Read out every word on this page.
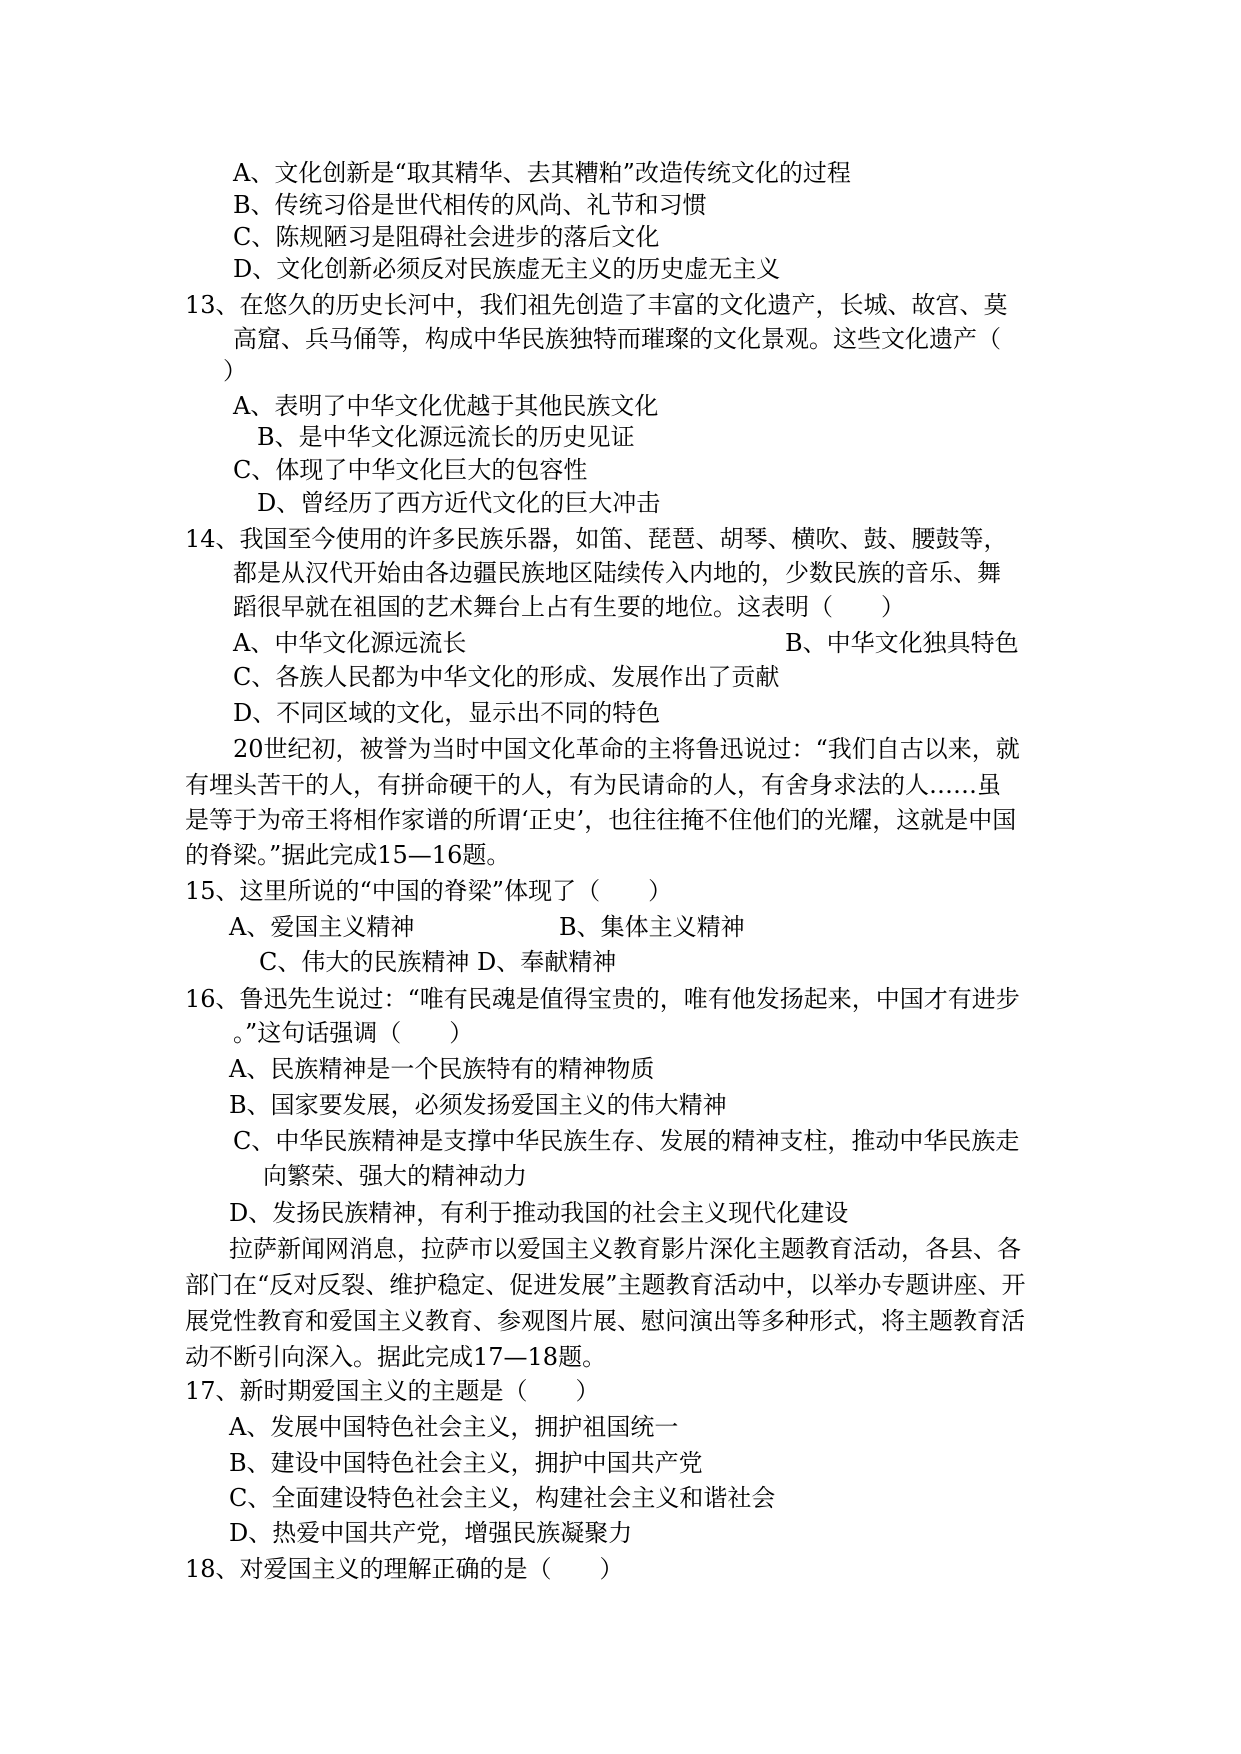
A、文化创新是“取其精华、去其糟粕”改造传统文化的过程
B、传统习俗是世代相传的风尚、礼节和习惯
C、陈规陋习是阻碍社会进步的落后文化
D、文化创新必须反对民族虚无主义的历史虚无主义
13、在悠久的历史长河中，我们祖先创造了丰富的文化遗产，长城、故宫、莫
高窟、兵马俑等，构成中华民族独特而璀璨的文化景观。这些文化遗产（
）
A、表明了中华文化优越于其他民族文化
B、是中华文化源远流长的历史见证
C、体现了中华文化巨大的包容性
D、曾经历了西方近代文化的巨大冲击
14、我国至今使用的许多民族乐器，如笛、琵琶、胡琴、横吹、鼓、腰鼓等，
都是从汉代开始由各边疆民族地区陆续传入内地的，少数民族的音乐、舞
蹈很早就在祖国的艺术舞台上占有生要的地位。这表明（　　）
A、中华文化源远流长	B、中华文化独具特色
C、各族人民都为中华文化的形成、发展作出了贡献
D、不同区域的文化，显示出不同的特色
20世纪初，被誉为当时中国文化革命的主将鲁迅说过：“我们自古以来，就
有埋头苦干的人，有拼命硬干的人，有为民请命的人，有舍身求法的人……虽
是等于为帝王将相作家谱的所谓‘正史’，也往往掩不住他们的光耀，这就是中国
的脊梁。”据此完成15—16题。
15、这里所说的“中国的脊梁”体现了（　　）
A、爱国主义精神	B、集体主义精神
C、伟大的民族精神 D、奉献精神
16、鲁迅先生说过：“唯有民魂是值得宝贵的，唯有他发扬起来，中国才有进步
。”这句话强调（　　）
A、民族精神是一个民族特有的精神物质
B、国家要发展，必须发扬爱国主义的伟大精神
C、中华民族精神是支撑中华民族生存、发展的精神支柱，推动中华民族走
向繁荣、强大的精神动力
D、发扬民族精神，有利于推动我国的社会主义现代化建设
拉萨新闻网消息，拉萨市以爱国主义教育影片深化主题教育活动，各县、各
部门在“反对反裂、维护稳定、促进发展”主题教育活动中，以举办专题讲座、开
展党性教育和爱国主义教育、参观图片展、慰问演出等多种形式，将主题教育活
动不断引向深入。据此完成17—18题。
17、新时期爱国主义的主题是（　　）
A、发展中国特色社会主义，拥护祖国统一
B、建设中国特色社会主义，拥护中国共产党
C、全面建设特色社会主义，构建社会主义和谐社会
D、热爱中国共产党，增强民族凝聚力
18、对爱国主义的理解正确的是（　　）
